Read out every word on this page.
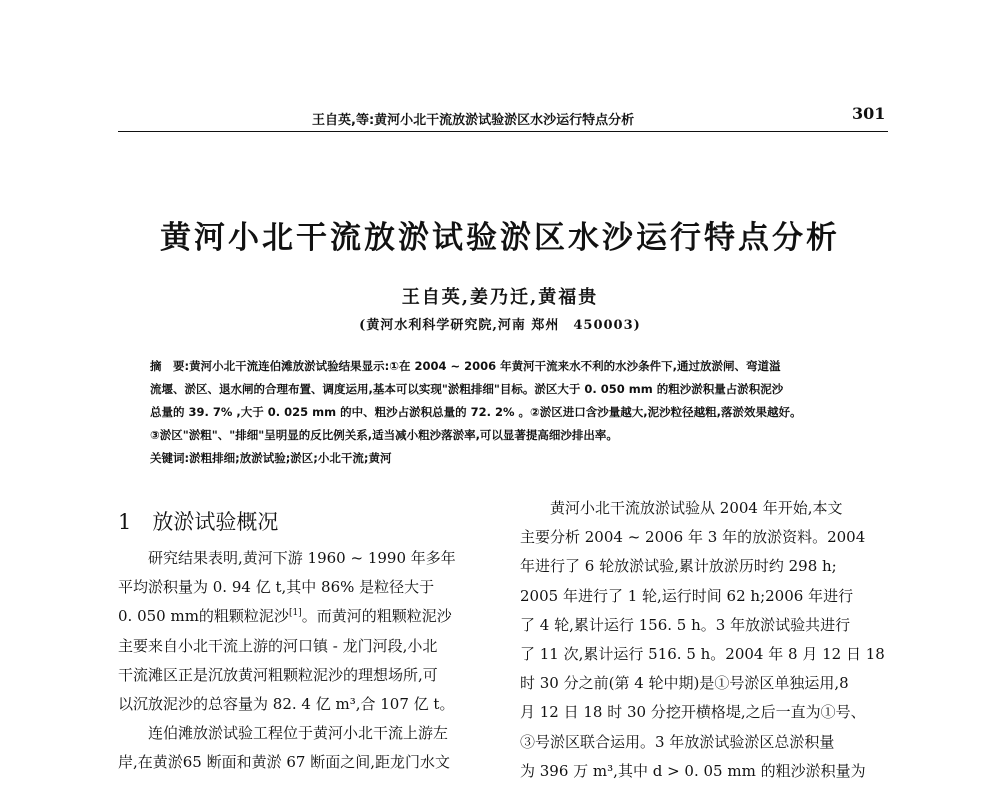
王自英,等:黄河小北干流放淤试验淤区水沙运行特点分析	301
黄河小北干流放淤试验淤区水沙运行特点分析
王自英,姜乃迁,黄福贵
(黄河水利科学研究院,河南 郑州　450003)
摘　要:黄河小北干流连伯滩放淤试验结果显示:①在 2004 ~ 2006 年黄河干流来水不利的水沙条件下,通过放淤闸、弯道溢
流堰、淤区、退水闸的合理布置、调度运用,基本可以实现"淤粗排细"目标。淤区大于 0. 050 mm 的粗沙淤积量占淤积泥沙
总量的 39. 7% ,大于 0. 025 mm 的中、粗沙占淤积总量的 72. 2% 。②淤区进口含沙量越大,泥沙粒径越粗,落淤效果越好。
③淤区"淤粗"、"排细"呈明显的反比例关系,适当减小粗沙落淤率,可以显著提高细沙排出率。
关键词:淤粗排细;放淤试验;淤区;小北干流;黄河
1　放淤试验概况
　　研究结果表明,黄河下游 1960 ~ 1990 年多年
平均淤积量为 0. 94 亿 t,其中 86% 是粒径大于
0. 050 mm的粗颗粒泥沙[1]。而黄河的粗颗粒泥沙
主要来自小北干流上游的河口镇 - 龙门河段,小北
干流滩区正是沉放黄河粗颗粒泥沙的理想场所,可
以沉放泥沙的总容量为 82. 4 亿 m³,合 107 亿 t。
　　连伯滩放淤试验工程位于黄河小北干流上游左
岸,在黄淤65 断面和黄淤 67 断面之间,距龙门水文
　　黄河小北干流放淤试验从 2004 年开始,本文
主要分析 2004 ~ 2006 年 3 年的放淤资料。2004
年进行了 6 轮放淤试验,累计放淤历时约 298 h;
2005 年进行了 1 轮,运行时间 62 h;2006 年进行
了 4 轮,累计运行 156. 5 h。3 年放淤试验共进行
了 11 次,累计运行 516. 5 h。2004 年 8 月 12 日 18
时 30 分之前(第 4 轮中期)是①号淤区单独运用,8
月 12 日 18 时 30 分挖开横格堤,之后一直为①号、
③号淤区联合运用。3 年放淤试验淤区总淤积量
为 396 万 m³,其中 d > 0. 05 mm 的粗沙淤积量为
